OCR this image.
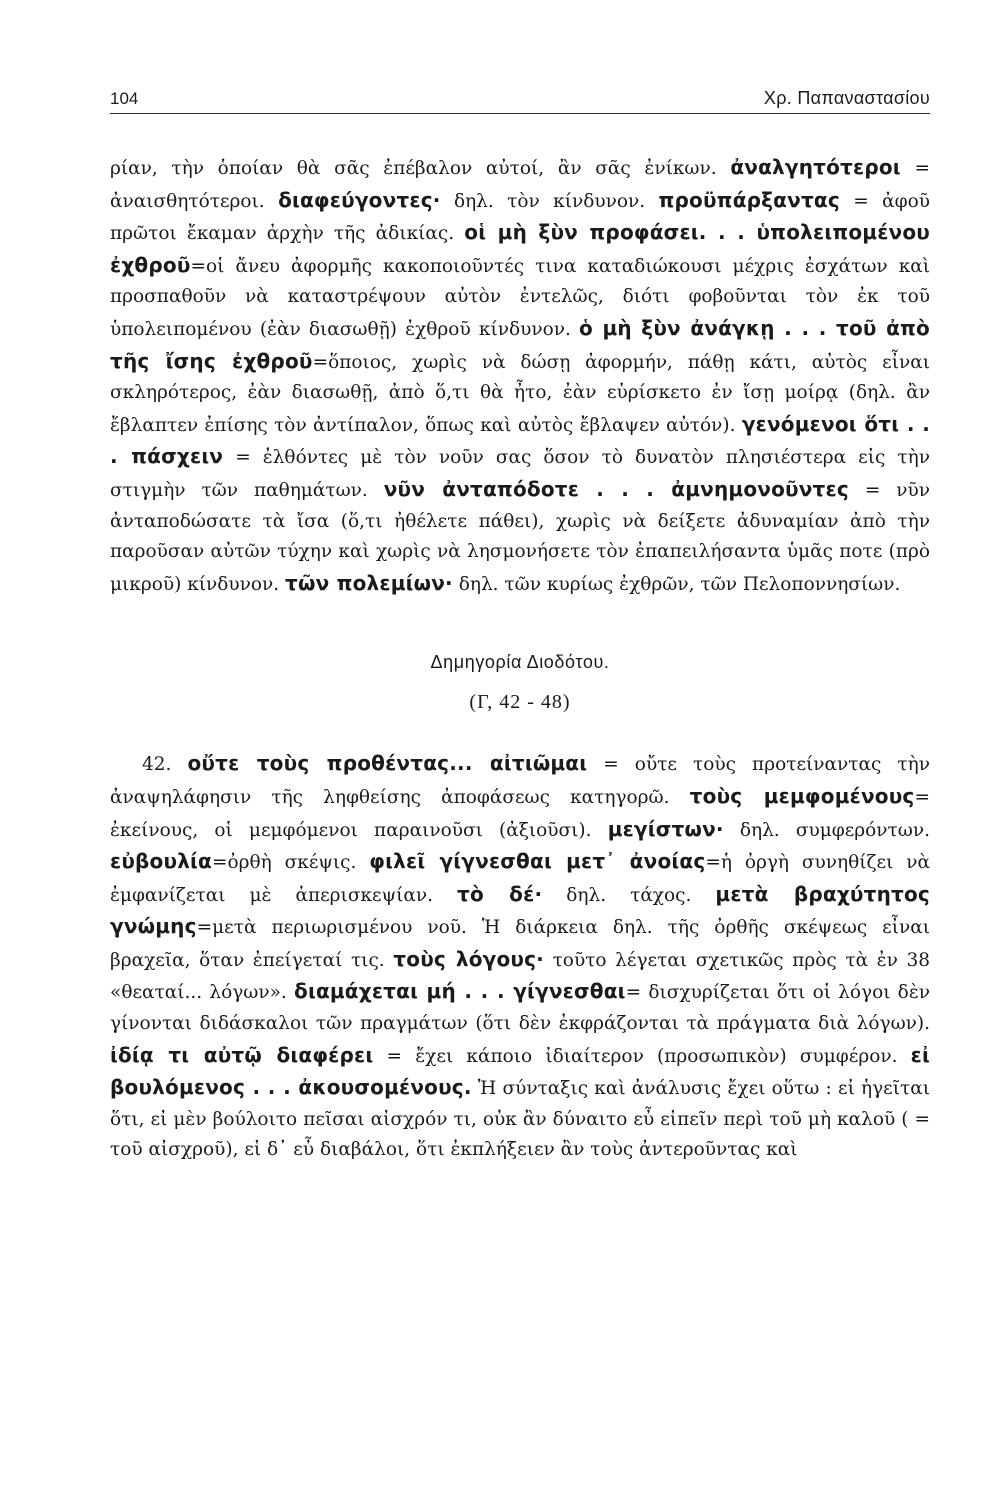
104	Χρ. Παπαναστασίου

ρίαν, τὴν ὁποίαν θὰ σᾶς ἐπέβαλον αὐτοί, ἂν σᾶς ἐνίκων. ἀναλγητότεροι = ἀναισθητότεροι. διαφεύγοντες· δηλ. τὸν κίνδυνον. προϋπάρξαντας = ἀφοῦ πρῶτοι ἔκαμαν ἀρχὴν τῆς ἀδικίας. οἱ μὴ ξὺν προφάσει. . . ὑπολειπομένου ἐχθροῦ=οἱ ἄνευ ἀφορμῆς κακοποιοῦντές τινα καταδιώκουσι μέχρις ἐσχάτων καὶ προσπαθοῦν νὰ καταστρέψουν αὐτὸν ἐντελῶς, διότι φοβοῦνται τὸν ἐκ τοῦ ὑπολειπομένου (ἐὰν διασωθῇ) ἐχθροῦ κίνδυνον. ὁ μὴ ξὺν ἀνάγκῃ . . . τοῦ ἀπὸ τῆς ἴσης ἐχθροῦ=ὅποιος, χωρὶς νὰ δώσῃ ἀφορμήν, πάθῃ κάτι, αὐτὸς εἶναι σκληρότερος, ἐὰν διασωθῇ, ἀπὸ ὅ,τι θὰ ἦτο, ἐὰν εὑρίσκετο ἐν ἴσῃ μοίρᾳ (δηλ. ἂν ἔβλαπτεν ἐπίσης τὸν ἀντίπαλον, ὅπως καὶ αὐτὸς ἔβλαψεν αὐτόν). γενόμενοι ὅτι . . . πάσχειν = ἐλθόντες μὲ τὸν νοῦν σας ὅσον τὸ δυνατὸν πλησιέστερα εἰς τὴν στιγμὴν τῶν παθημάτων. νῦν ἀνταπόδοτε . . . ἀμνημονοῦντες = νῦν ἀνταποδώσατε τὰ ἴσα (ὅ,τι ἠθέλετε πάθει), χωρὶς νὰ δείξετε ἀδυναμίαν ἀπὸ τὴν παροῦσαν αὐτῶν τύχην καὶ χωρὶς νὰ λησμονήσετε τὸν ἐπαπειλήσαντα ὑμᾶς ποτε (πρὸ μικροῦ) κίνδυνον. τῶν πολεμίων· δηλ. τῶν κυρίως ἐχθρῶν, τῶν Πελοποννησίων.

Δημηγορία Διοδότου.
(Γ, 42 - 48)

42. οὔτε τοὺς προθέντας... αἰτιῶμαι = οὔτε τοὺς προτείναντας τὴν ἀναψηλάφησιν τῆς ληφθείσης ἀποφάσεως κατηγορῶ. τοὺς μεμφομένους= ἐκείνους, οἱ μεμφόμενοι παραινοῦσι (ἀξιοῦσι). μεγίστων· δηλ. συμφερόντων. εὐβουλία=ὀρθὴ σκέψις. φιλεῖ γίγνεσθαι μετ᾽ ἀνοίας=ἡ ὀργὴ συνηθίζει νὰ ἐμφανίζεται μὲ ἀπερισκεψίαν. τὸ δέ· δηλ. τάχος. μετὰ βραχύτητος γνώμης=μετὰ περιωρισμένου νοῦ. Ἡ διάρκεια δηλ. τῆς ὀρθῆς σκέψεως εἶναι βραχεῖα, ὅταν ἐπείγεταί τις. τοὺς λόγους· τοῦτο λέγεται σχετικῶς πρὸς τὰ ἐν 38 «θεαταί... λόγων». διαμάχεται μή . . . γίγνεσθαι= δισχυρίζεται ὅτι οἱ λόγοι δὲν γίνονται διδάσκαλοι τῶν πραγμάτων (ὅτι δὲν ἐκφράζονται τὰ πράγματα διὰ λόγων). ἰδίᾳ τι αὐτῷ διαφέρει = ἔχει κάποιο ἰδιαίτερον (προσωπικὸν) συμφέρον. εἰ βουλόμενος . . . ἀκουσομένους. Ἡ σύνταξις καὶ ἀνάλυσις ἔχει οὕτω : εἰ ἡγεῖται ὅτι, εἰ μὲν βούλοιτο πεῖσαι αἰσχρόν τι, οὐκ ἂν δύναιτο εὖ εἰπεῖν περὶ τοῦ μὴ καλοῦ ( = τοῦ αἰσχροῦ), εἰ δ᾽ εὖ διαβάλοι, ὅτι ἐκπλήξειεν ἂν τοὺς ἀντεροῦντας καὶ
